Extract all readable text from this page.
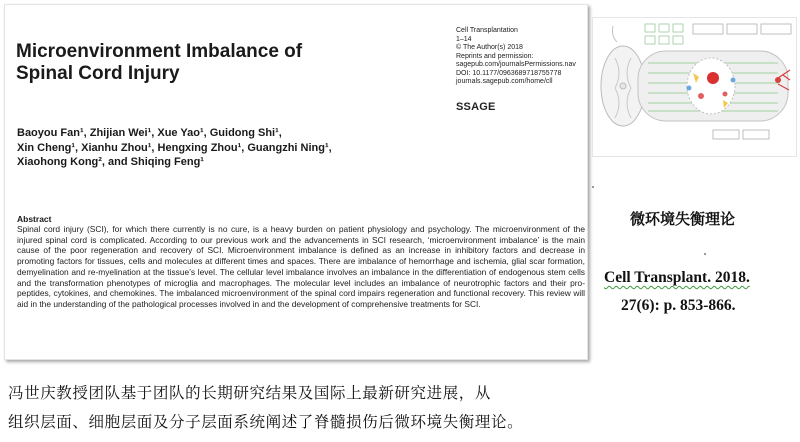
Microenvironment Imbalance of
Spinal Cord Injury
Cell Transplantation
1–14
© The Author(s) 2018
Reprints and permission:
sagepub.com/journalsPermissions.nav
DOI: 10.1177/0963689718755778
journals.sagepub.com/home/cll
SSAGE
Baoyou Fan¹, Zhijian Wei¹, Xue Yao¹, Guidong Shi¹,
Xin Cheng¹, Xianhu Zhou¹, Hengxing Zhou¹, Guangzhi Ning¹,
Xiaohong Kong², and Shiqing Feng¹
Abstract
Spinal cord injury (SCI), for which there currently is no cure, is a heavy burden on patient physiology and psychology. The microenvironment of the injured spinal cord is complicated. According to our previous work and the advancements in SCI research, ‘microenvironment imbalance’ is the main cause of the poor regeneration and recovery of SCI. Microenvironment imbalance is defined as an increase in inhibitory factors and decrease in promoting factors for tissues, cells and molecules at different times and spaces. There are imbalance of hemorrhage and ischemia, glial scar formation, demyelination and re-myelination at the tissue’s level. The cellular level imbalance involves an imbalance in the differentiation of endogenous stem cells and the transformation phenotypes of microglia and macrophages. The molecular level includes an imbalance of neurotrophic factors and their pro-peptides, cytokines, and chemokines. The imbalanced microenvironment of the spinal cord impairs regeneration and functional recovery. This review will aid in the understanding of the pathological processes involved in and the development of comprehensive treatments for SCI.
微环境失衡理论
Cell Transplant. 2018.
27(6): p. 853-866.
冯世庆教授团队基于团队的长期研究结果及国际上最新研究进展，从
组织层面、细胞层面及分子层面系统阐述了脊髓损伤后微环境失衡理论。
